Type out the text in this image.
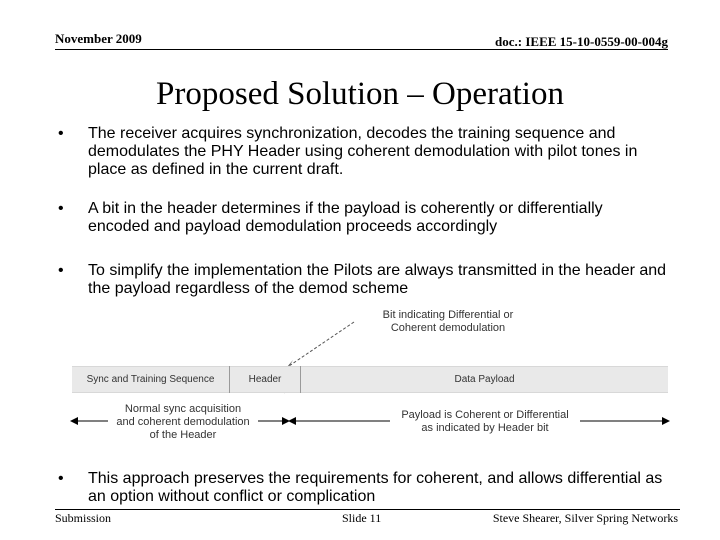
November 2009	doc.: IEEE 15-10-0559-00-004g
Proposed Solution – Operation
• The receiver acquires synchronization, decodes the training sequence and demodulates the PHY Header using coherent demodulation with pilot tones in place as defined in the current draft.
• A bit in the header determines if the payload is coherently or differentially encoded and payload demodulation proceeds accordingly
• To simplify the implementation the Pilots are always transmitted in the header and the payload regardless of the demod scheme
Bit indicating Differential or
Coherent demodulation
Sync and Training Sequence	Header	Data Payload
Normal sync acquisition
and coherent demodulation
of the Header
Payload is Coherent or Differential
as indicated by Header bit
• This approach preserves the requirements for coherent, and allows differential as an option without conflict or complication
Submission	Slide 11	Steve Shearer, Silver Spring Networks
